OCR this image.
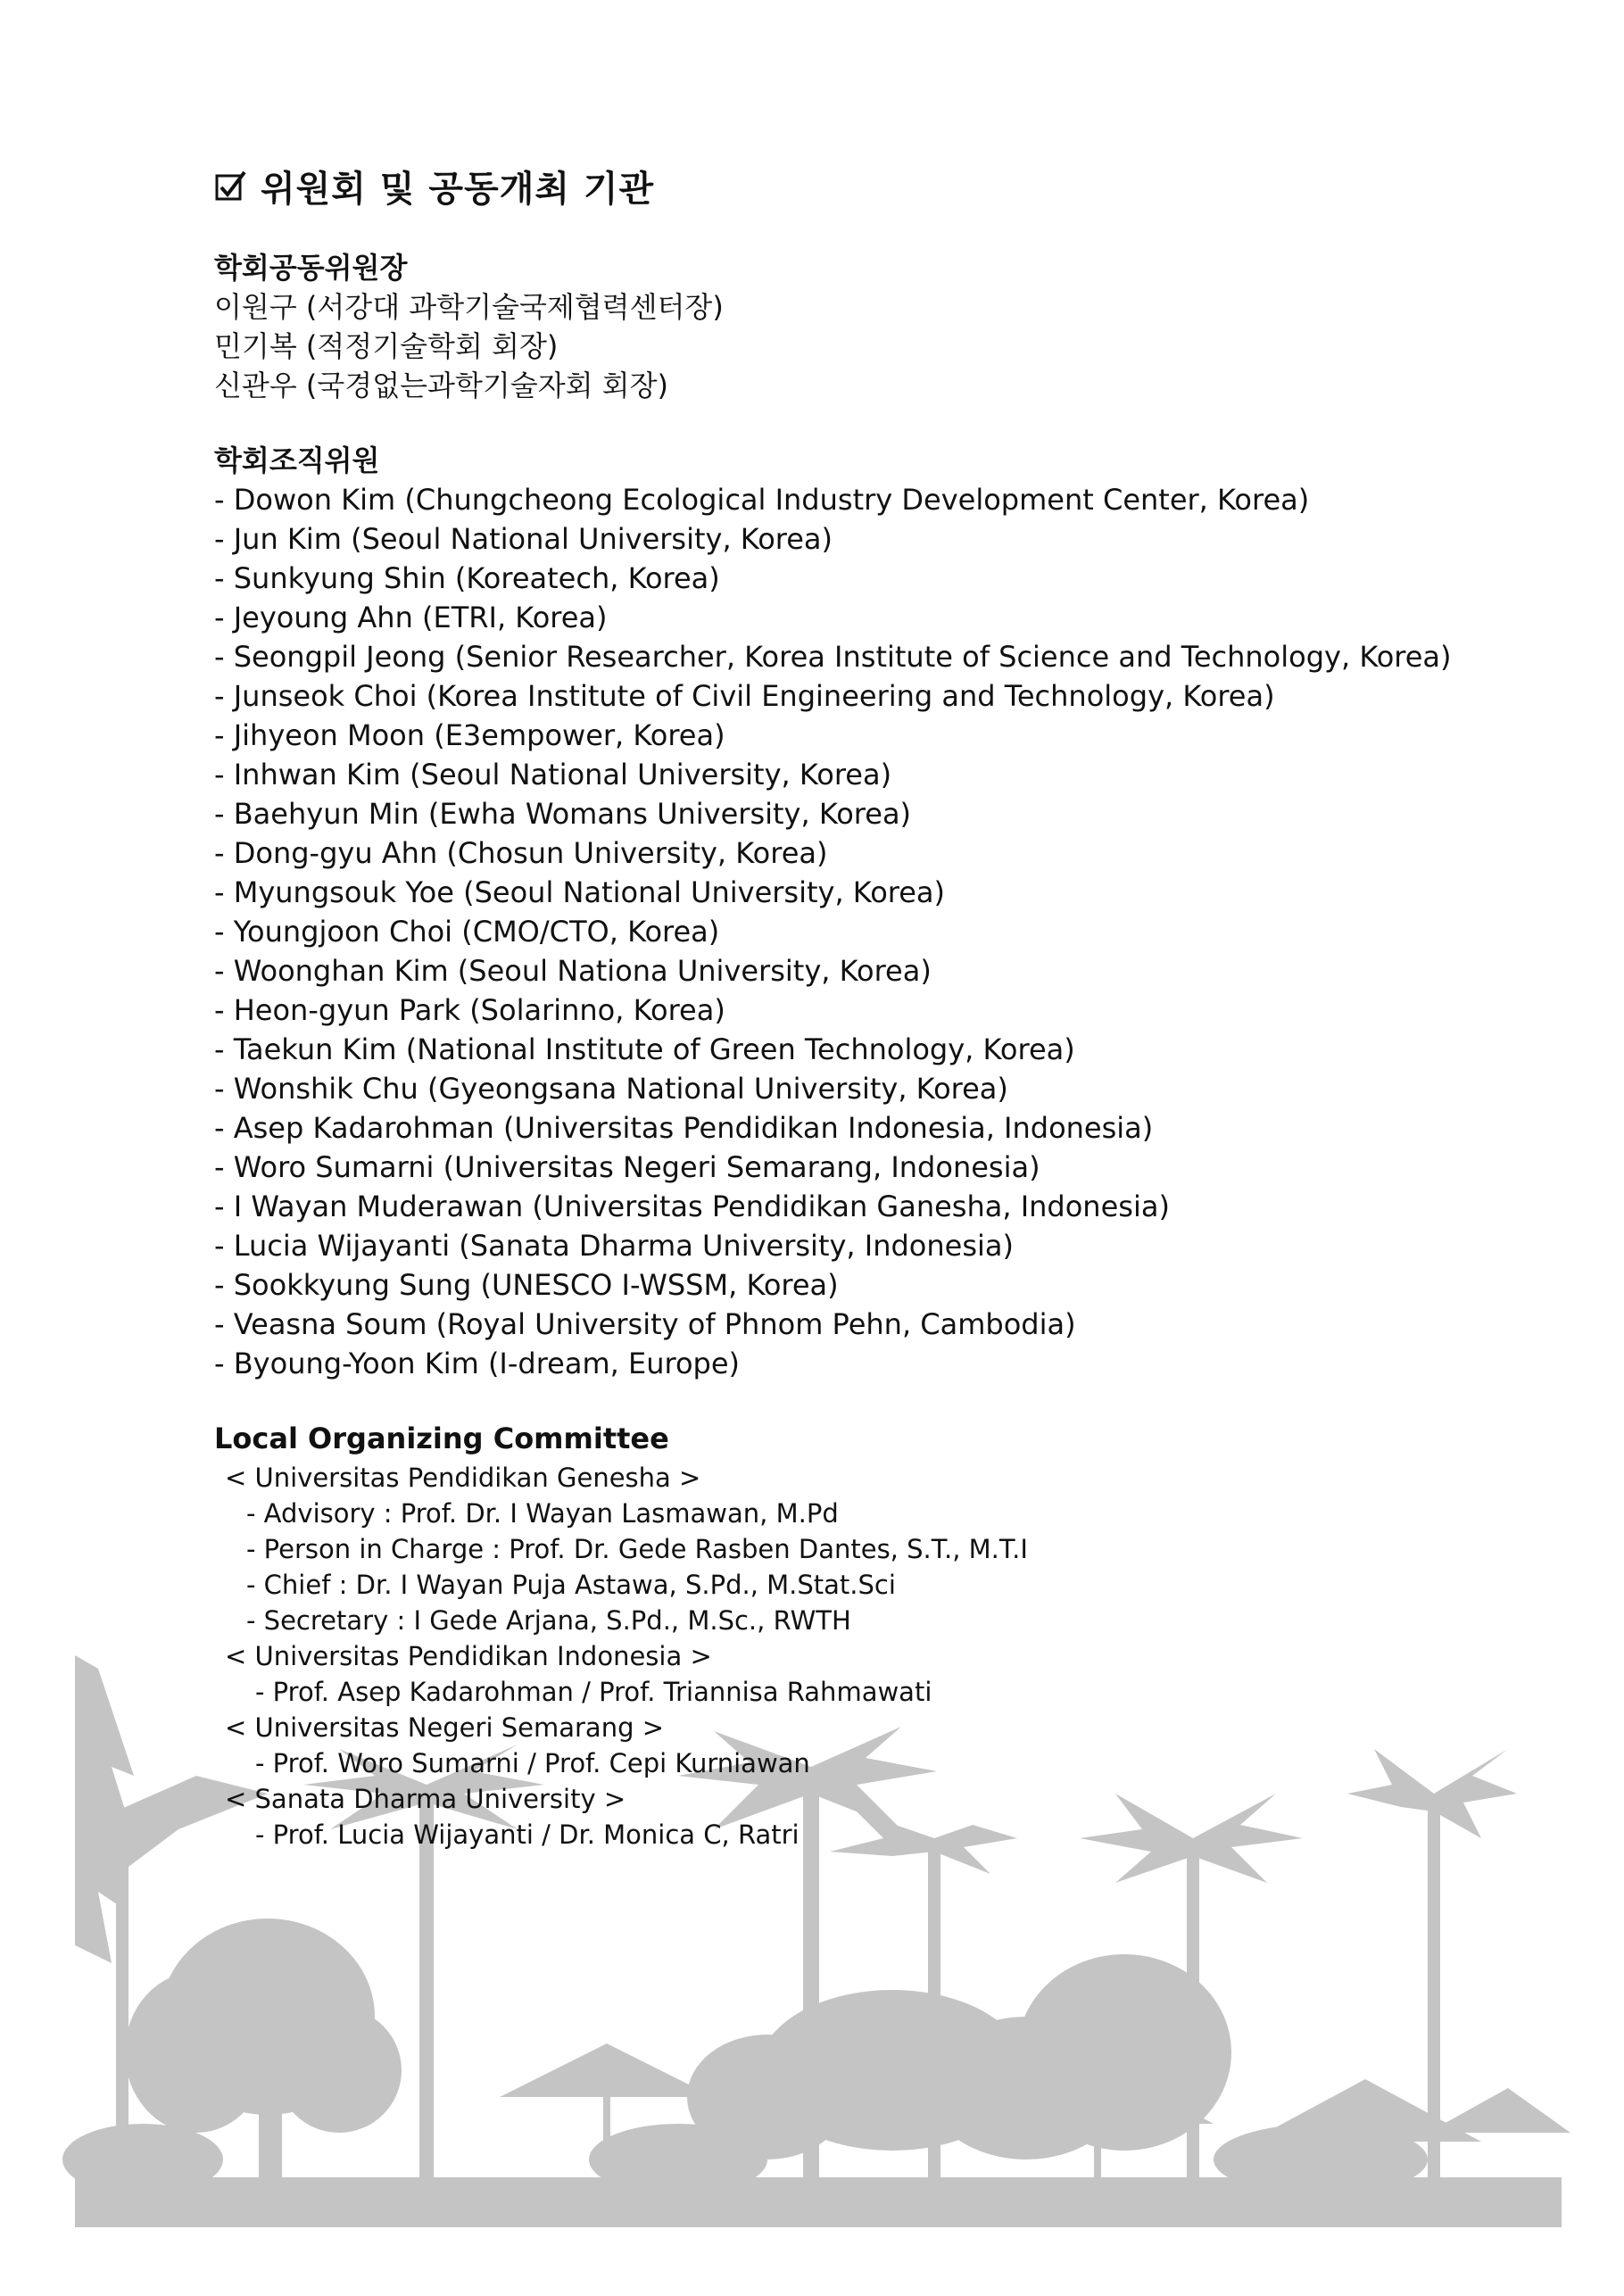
위원회 및 공동개최 기관
학회공동위원장
이원구 (서강대 과학기술국제협력센터장)
민기복 (적정기술학회 회장)
신관우 (국경없는과학기술자회 회장)
학회조직위원
- Dowon Kim (Chungcheong Ecological Industry Development Center, Korea)
- Jun Kim (Seoul National University, Korea)
- Sunkyung Shin (Koreatech, Korea)
- Jeyoung Ahn (ETRI, Korea)
- Seongpil Jeong (Senior Researcher, Korea Institute of Science and Technology, Korea)
- Junseok Choi (Korea Institute of Civil Engineering and Technology, Korea)
- Jihyeon Moon (E3empower, Korea)
- Inhwan Kim (Seoul National University, Korea)
- Baehyun Min (Ewha Womans University, Korea)
- Dong-gyu Ahn (Chosun University, Korea)
- Myungsouk Yoe (Seoul National University, Korea)
- Youngjoon Choi (CMO/CTO, Korea)
- Woonghan Kim (Seoul Nationa University, Korea)
- Heon-gyun Park (Solarinno, Korea)
- Taekun Kim (National Institute of Green Technology, Korea)
- Wonshik Chu (Gyeongsana National University, Korea)
- Asep Kadarohman (Universitas Pendidikan Indonesia, Indonesia)
- Woro Sumarni (Universitas Negeri Semarang, Indonesia)
- I Wayan Muderawan (Universitas Pendidikan Ganesha, Indonesia)
- Lucia Wijayanti (Sanata Dharma University, Indonesia)
- Sookkyung Sung (UNESCO I-WSSM, Korea)
- Veasna Soum (Royal University of Phnom Pehn, Cambodia)
- Byoung-Yoon Kim (I-dream, Europe)
Local Organizing Committee
< Universitas Pendidikan Genesha >
- Advisory : Prof. Dr. I Wayan Lasmawan, M.Pd
- Person in Charge : Prof. Dr. Gede Rasben Dantes, S.T., M.T.I
- Chief : Dr. I Wayan Puja Astawa, S.Pd., M.Stat.Sci
- Secretary : I Gede Arjana, S.Pd., M.Sc., RWTH
< Universitas Pendidikan Indonesia >
- Prof. Asep Kadarohman / Prof. Triannisa Rahmawati
< Universitas Negeri Semarang >
- Prof. Woro Sumarni / Prof. Cepi Kurniawan
< Sanata Dharma University >
- Prof. Lucia Wijayanti / Dr. Monica C, Ratri
